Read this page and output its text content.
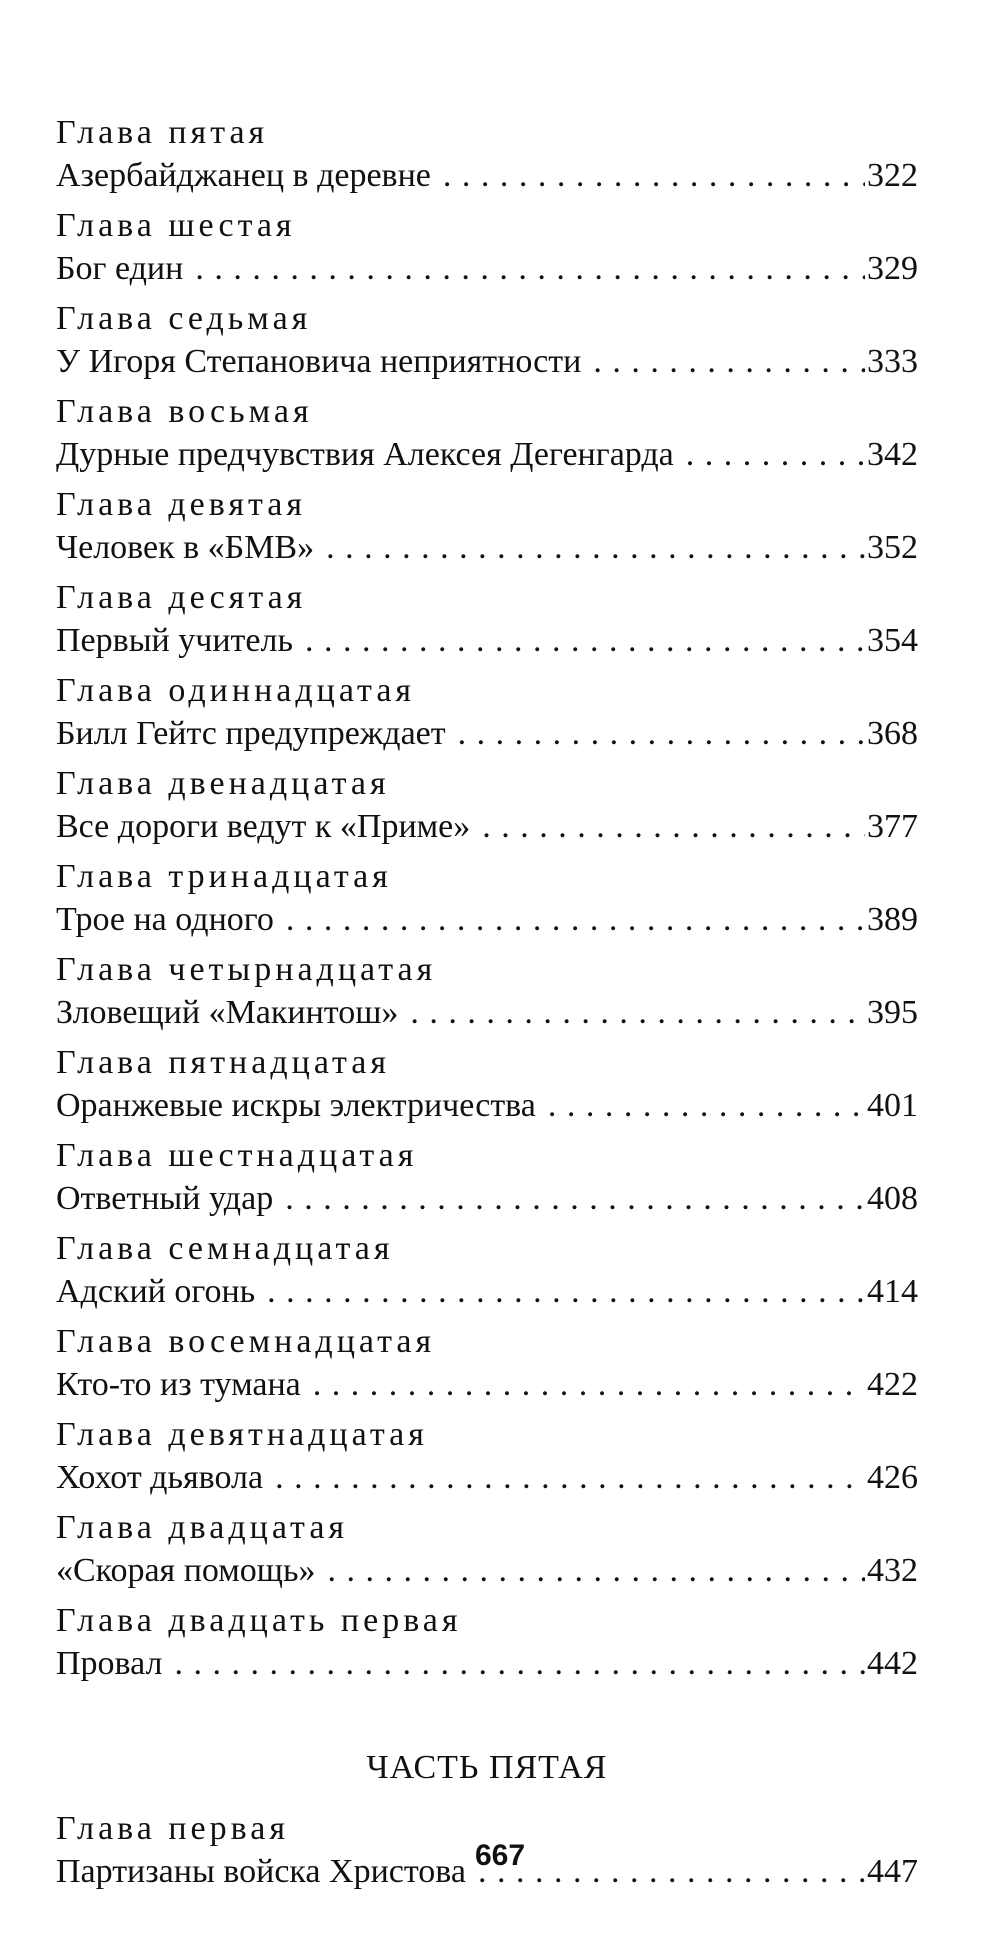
Глава пятая
Азербайджанец в деревне . . .	322
Глава шестая
Бог един . . .	329
Глава седьмая
У Игоря Степановича неприятности . . .	333
Глава восьмая
Дурные предчувствия Алексея Дегенгарда . . .	342
Глава девятая
Человек в «БМВ» . . .	352
Глава десятая
Первый учитель . . .	354
Глава одиннадцатая
Билл Гейтс предупреждает . . .	368
Глава двенадцатая
Все дороги ведут к «Приме» . . .	377
Глава тринадцатая
Трое на одного . . .	389
Глава четырнадцатая
Зловещий «Макинтош» . . .	395
Глава пятнадцатая
Оранжевые искры электричества . . .	401
Глава шестнадцатая
Ответный удар . . .	408
Глава семнадцатая
Адский огонь . . .	414
Глава восемнадцатая
Кто-то из тумана . . .	422
Глава девятнадцатая
Хохот дьявола . . .	426
Глава двадцатая
«Скорая помощь» . . .	432
Глава двадцать первая
Провал . . .	442
ЧАСТЬ ПЯТАЯ
Глава первая
Партизаны войска Христова . . .	447
667
